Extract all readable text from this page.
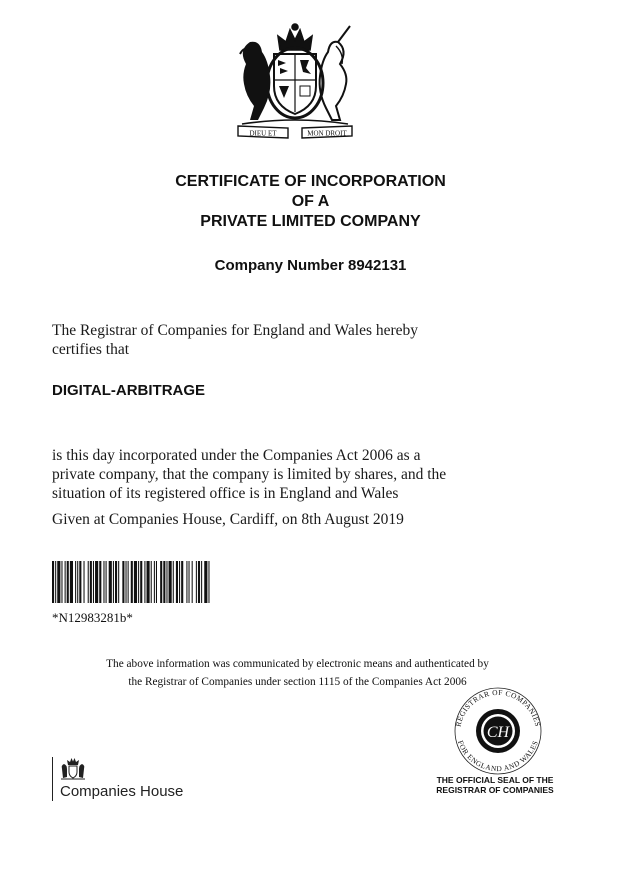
DIEU ET	MON DROIT
CERTIFICATE OF INCORPORATION
OF A
PRIVATE LIMITED COMPANY
Company Number 8942131
The Registrar of Companies for England and Wales hereby certifies that
DIGITAL-ARBITRAGE
is this day incorporated under the Companies Act 2006 as a private company, that the company is limited by shares, and the situation of its registered office is in England and Wales
Given at Companies House, Cardiff, on 8th August 2019
*N12983281b*
The above information was communicated by electronic means and authenticated by
the Registrar of Companies under section 1115 of the Companies Act 2006
REGISTRAR OF COMPANIES
FOR ENGLAND AND WALES
CH
THE OFFICIAL SEAL OF THE
REGISTRAR OF COMPANIES
Companies House
